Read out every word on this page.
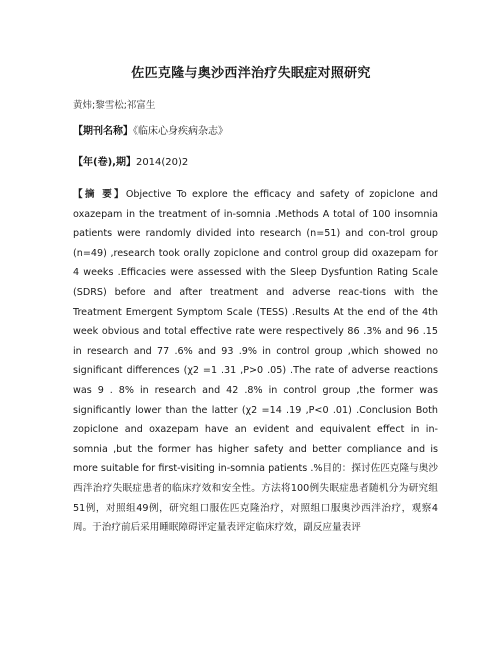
佐匹克隆与奥沙西泮治疗失眠症对照研究
黄炜;黎雪松;祁富生
【期刊名称】《临床心身疾病杂志》
【年(卷),期】2014(20)2
【摘 要】Objective To explore the efficacy and safety of zopiclone and oxazepam in the treatment of in-somnia .Methods A total of 100 insomnia patients were randomly divided into research (n=51) and con-trol group (n=49) ,research took orally zopiclone and control group did oxazepam for 4 weeks .Efficacies were assessed with the Sleep Dysfuntion Rating Scale (SDRS) before and after treatment and adverse reac-tions with the Treatment Emergent Symptom Scale (TESS) .Results At the end of the 4th week obvious and total effective rate were respectively 86 .3% and 96 .15 in research and 77 .6% and 93 .9% in control group ,which showed no significant differences (χ2 =1 .31 ,P>0 .05) .The rate of adverse reactions was 9 . 8% in research and 42 .8% in control group ,the former was significantly lower than the latter (χ2 =14 .19 ,P<0 .01) .Conclusion Both zopiclone and oxazepam have an evident and equivalent effect in in-somnia ,but the former has higher safety and better compliance and is more suitable for first-visiting in-somnia patients .%目的：探讨佐匹克隆与奥沙西泮治疗失眠症患者的临床疗效和安全性。方法将100例失眠症患者随机分为研究组51例，对照组49例，研究组口服佐匹克隆治疗，对照组口服奥沙西泮治疗，观察4周。于治疗前后采用睡眠障碍评定量表评定临床疗效，副反应量表评
